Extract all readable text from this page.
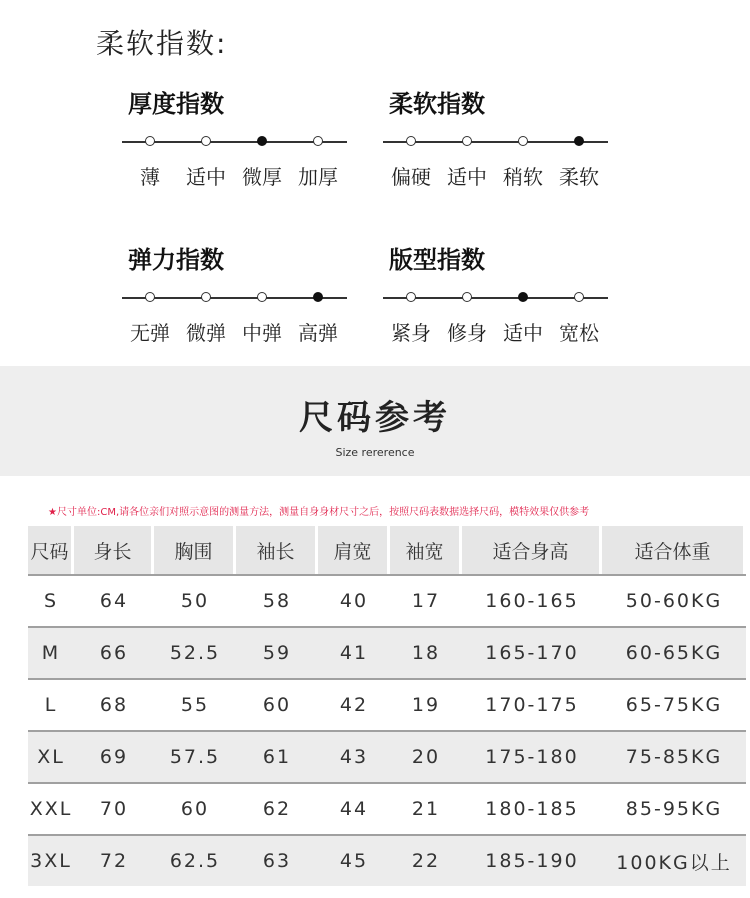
柔软指数:
厚度指数
薄 适中 微厚 加厚
柔软指数
偏硬 适中 稍软 柔软
弹力指数
无弹 微弹 中弹 高弹
版型指数
紧身 修身 适中 宽松
尺码参考
Size rererence
★尺寸单位:CM,请各位亲们对照示意图的测量方法，测量自身身材尺寸之后，按照尺码表数据选择尺码，模特效果仅供参考
尺码	身长	胸围	袖长	肩宽	袖宽	适合身高	适合体重
S	64	50	58	40	17	160-165	50-60KG
M	66	52.5	59	41	18	165-170	60-65KG
L	68	55	60	42	19	170-175	65-75KG
XL	69	57.5	61	43	20	175-180	75-85KG
XXL	70	60	62	44	21	180-185	85-95KG
3XL	72	62.5	63	45	22	185-190	100KG以上
